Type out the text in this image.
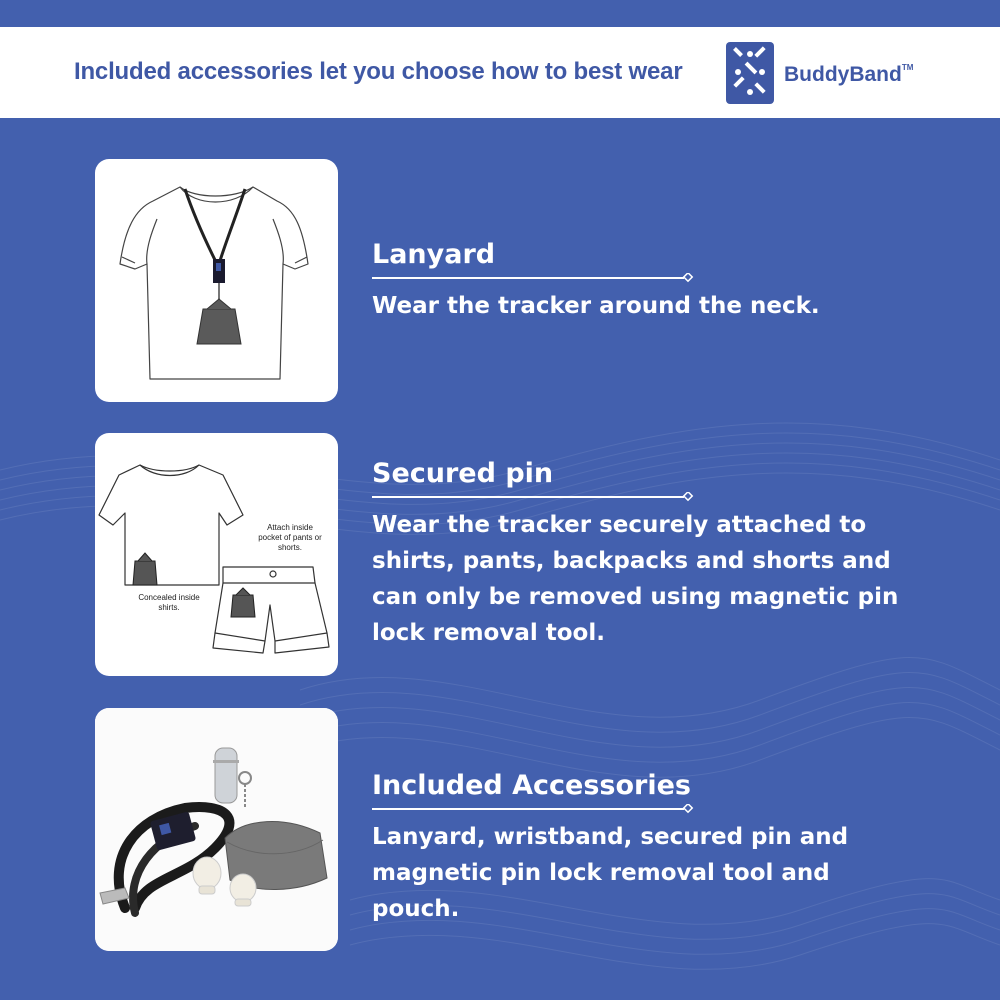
Included accessories let you choose how to best wear	BuddyBand™
Lanyard
Wear the tracker around the neck.
Attach inside pocket of pants or shorts.
Concealed inside shirts.
Secured pin
Wear the tracker securely attached to shirts, pants, backpacks and shorts and can only be removed using magnetic pin lock removal tool.
Included Accessories
Lanyard, wristband, secured pin and magnetic pin lock removal tool and pouch.
